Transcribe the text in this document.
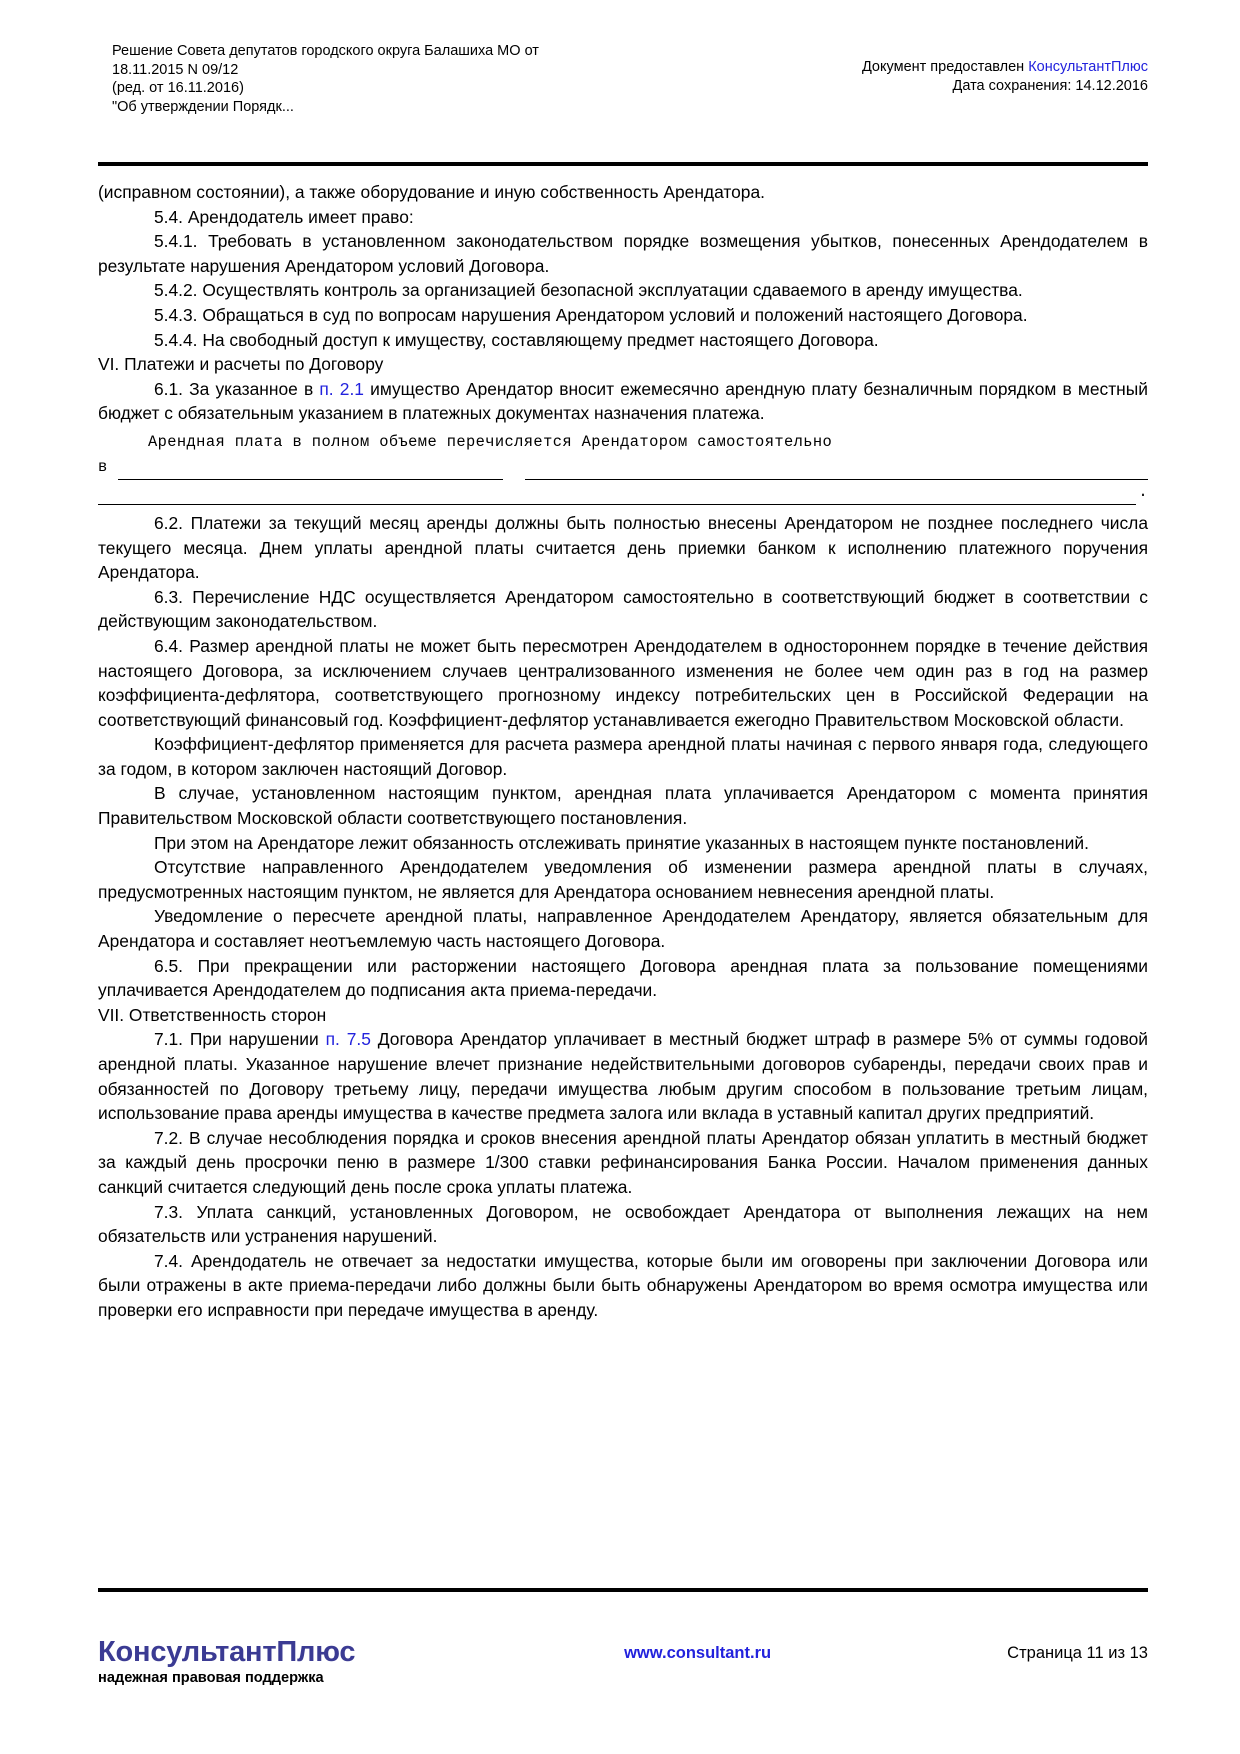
Решение Совета депутатов городского округа Балашиха МО от
18.11.2015 N 09/12
(ред. от 16.11.2016)
"Об утверждении Порядк...
Документ предоставлен КонсультантПлюс
Дата сохранения: 14.12.2016

(исправном состоянии), а также оборудование и иную собственность Арендатора.

5.4. Арендодатель имеет право:

5.4.1. Требовать в установленном законодательством порядке возмещения убытков, понесенных Арендодателем в результате нарушения Арендатором условий Договора.

5.4.2. Осуществлять контроль за организацией безопасной эксплуатации сдаваемого в аренду имущества.

5.4.3. Обращаться в суд по вопросам нарушения Арендатором условий и положений настоящего Договора.

5.4.4. На свободный доступ к имуществу, составляющему предмет настоящего Договора.

VI. Платежи и расчеты по Договору

6.1. За указанное в п. 2.1 имущество Арендатор вносит ежемесячно арендную плату безналичным порядком в местный бюджет с обязательным указанием в платежных документах назначения платежа.

Арендная плата в полном объеме перечисляется Арендатором самостоятельно

в
.

6.2. Платежи за текущий месяц аренды должны быть полностью внесены Арендатором не позднее последнего числа текущего месяца. Днем уплаты арендной платы считается день приемки банком к исполнению платежного поручения Арендатора.

6.3. Перечисление НДС осуществляется Арендатором самостоятельно в соответствующий бюджет в соответствии с действующим законодательством.

6.4. Размер арендной платы не может быть пересмотрен Арендодателем в одностороннем порядке в течение действия настоящего Договора, за исключением случаев централизованного изменения не более чем один раз в год на размер коэффициента-дефлятора, соответствующего прогнозному индексу потребительских цен в Российской Федерации на соответствующий финансовый год. Коэффициент-дефлятор устанавливается ежегодно Правительством Московской области.

Коэффициент-дефлятор применяется для расчета размера арендной платы начиная с первого января года, следующего за годом, в котором заключен настоящий Договор.

В случае, установленном настоящим пунктом, арендная плата уплачивается Арендатором с момента принятия Правительством Московской области соответствующего постановления.

При этом на Арендаторе лежит обязанность отслеживать принятие указанных в настоящем пункте постановлений.

Отсутствие направленного Арендодателем уведомления об изменении размера арендной платы в случаях, предусмотренных настоящим пунктом, не является для Арендатора основанием невнесения арендной платы.

Уведомление о пересчете арендной платы, направленное Арендодателем Арендатору, является обязательным для Арендатора и составляет неотъемлемую часть настоящего Договора.

6.5. При прекращении или расторжении настоящего Договора арендная плата за пользование помещениями уплачивается Арендодателем до подписания акта приема-передачи.

VII. Ответственность сторон

7.1. При нарушении п. 7.5 Договора Арендатор уплачивает в местный бюджет штраф в размере 5% от суммы годовой арендной платы. Указанное нарушение влечет признание недействительными договоров субаренды, передачи своих прав и обязанностей по Договору третьему лицу, передачи имущества любым другим способом в пользование третьим лицам, использование права аренды имущества в качестве предмета залога или вклада в уставный капитал других предприятий.

7.2. В случае несоблюдения порядка и сроков внесения арендной платы Арендатор обязан уплатить в местный бюджет за каждый день просрочки пеню в размере 1/300 ставки рефинансирования Банка России. Началом применения данных санкций считается следующий день после срока уплаты платежа.

7.3. Уплата санкций, установленных Договором, не освобождает Арендатора от выполнения лежащих на нем обязательств или устранения нарушений.

7.4. Арендодатель не отвечает за недостатки имущества, которые были им оговорены при заключении Договора или были отражены в акте приема-передачи либо должны были быть обнаружены Арендатором во время осмотра имущества или проверки его исправности при передаче имущества в аренду.

КонсультантПлюс
надежная правовая поддержка
www.consultant.ru	Страница 11 из 13
